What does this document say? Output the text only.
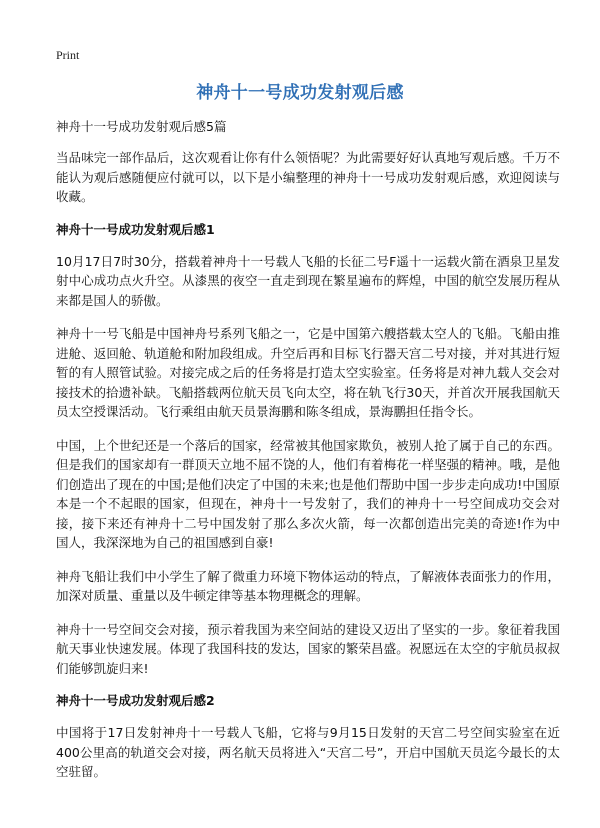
Print
神舟十一号成功发射观后感
神舟十一号成功发射观后感5篇

当品味完一部作品后，这次观看让你有什么领悟呢？为此需要好好认真地写观后感。千万不能认为观后感随便应付就可以，以下是小编整理的神舟十一号成功发射观后感，欢迎阅读与收藏。

神舟十一号成功发射观后感1

10月17日7时30分，搭载着神舟十一号载人飞船的长征二号F遥十一运载火箭在酒泉卫星发射中心成功点火升空。从漆黑的夜空一直走到现在繁星遍布的辉煌，中国的航空发展历程从来都是国人的骄傲。

神舟十一号飞船是中国神舟号系列飞船之一，它是中国第六艘搭载太空人的飞船。飞船由推进舱、返回舱、轨道舱和附加段组成。升空后再和目标飞行器天宫二号对接，并对其进行短暂的有人照管试验。对接完成之后的任务将是打造太空实验室。任务将是对神九载人交会对接技术的拾遗补缺。飞船搭载两位航天员飞向太空，将在轨飞行30天，并首次开展我国航天员太空授课活动。飞行乘组由航天员景海鹏和陈冬组成，景海鹏担任指令长。

中国，上个世纪还是一个落后的国家，经常被其他国家欺负，被别人抢了属于自己的东西。但是我们的国家却有一群顶天立地不屈不饶的人，他们有着梅花一样坚强的精神。哦，是他们创造出了现在的中国;是他们决定了中国的未来;也是他们帮助中国一步步走向成功!中国原本是一个不起眼的国家，但现在，神舟十一号发射了，我们的神舟十一号空间成功交会对接，接下来还有神舟十二号中国发射了那么多次火箭，每一次都创造出完美的奇迹!作为中国人，我深深地为自己的祖国感到自豪!

神舟飞船让我们中小学生了解了微重力环境下物体运动的特点，了解液体表面张力的作用，加深对质量、重量以及牛顿定律等基本物理概念的理解。

神舟十一号空间交会对接，预示着我国为来空间站的建设又迈出了坚实的一步。象征着我国航天事业快速发展。体现了我国科技的发达，国家的繁荣昌盛。祝愿远在太空的宇航员叔叔们能够凯旋归来!

神舟十一号成功发射观后感2

中国将于17日发射神舟十一号载人飞船，它将与9月15日发射的天宫二号空间实验室在近400公里高的轨道交会对接，两名航天员将进入“天宫二号”，开启中国航天员迄今最长的太空驻留。
